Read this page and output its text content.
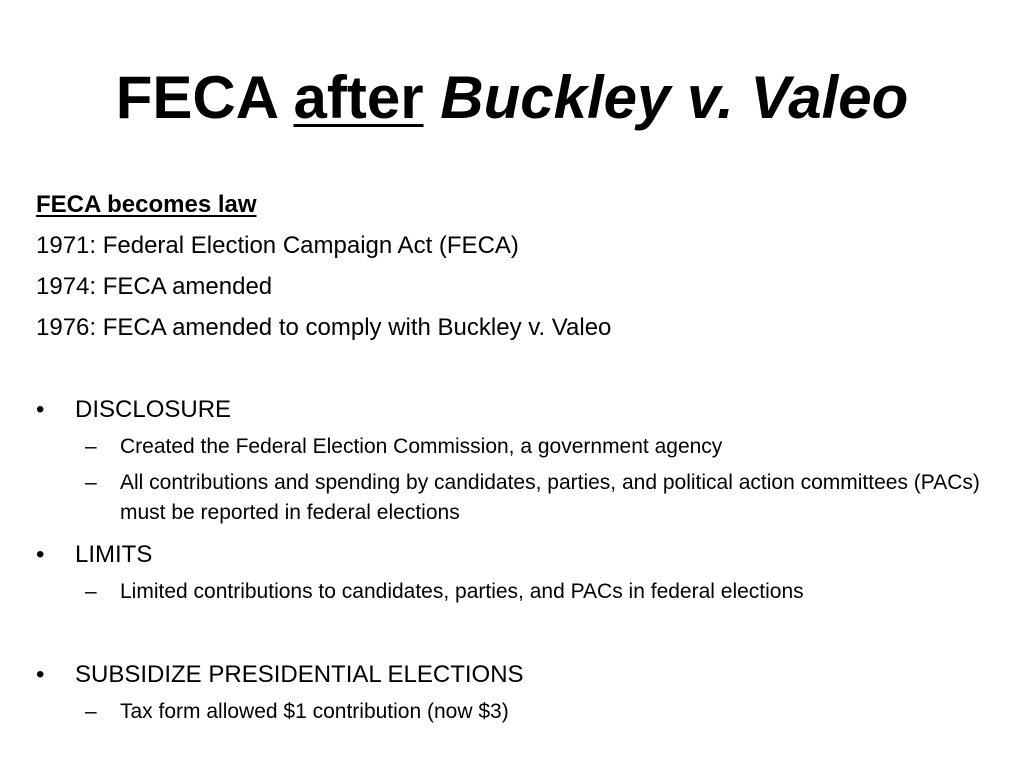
FECA after Buckley v. Valeo
FECA becomes law
1971: Federal Election Campaign Act (FECA)
1974: FECA amended
1976: FECA amended to comply with Buckley v. Valeo
•	DISCLOSURE
–	Created the Federal Election Commission, a government agency
–	All contributions and spending by candidates, parties, and political action committees (PACs) must be reported in federal elections
•	LIMITS
–	Limited contributions to candidates, parties, and PACs in federal elections
•	SUBSIDIZE PRESIDENTIAL ELECTIONS
–	Tax form allowed $1 contribution (now $3)
